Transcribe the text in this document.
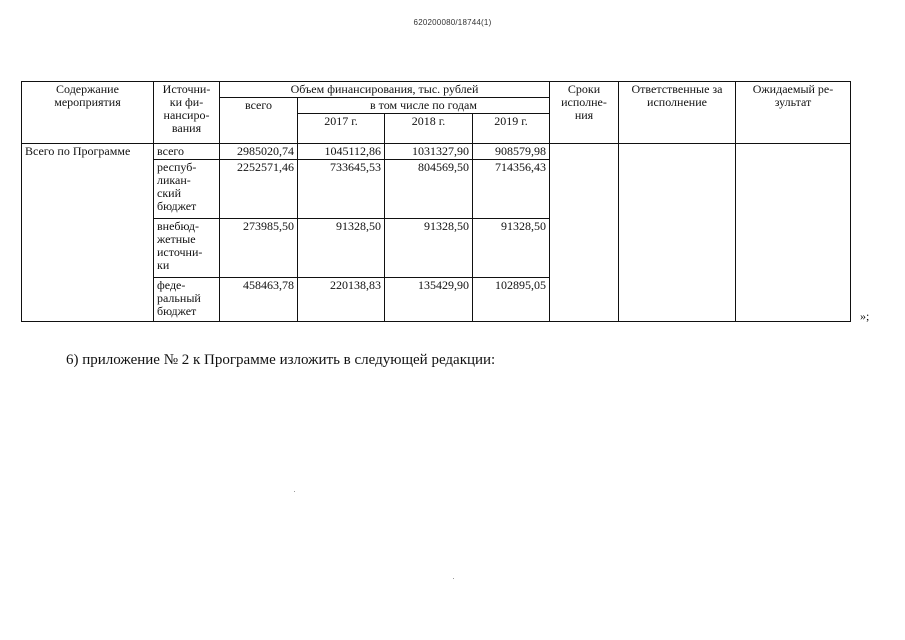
620200080/18744(1)
Содержание
мероприятия	Источни-
ки фи-
нансиро-
вания	Объем финансирования, тыс. рублей				Сроки
исполне-
ния	Ответственные за
исполнение	Ожидаемый ре-
зультат
		всего	в том числе по годам					
			2017 г.	2018 г.	2019 г.			
Всего по Программе	всего	2985020,74	1045112,86	1031327,90	908579,98			
	респуб-
ликан-
ский
бюджет	2252571,46	733645,53	804569,50	714356,43			
	внебюд-
жетные
источни-
ки	273985,50	91328,50	91328,50	91328,50			
	феде-
ральный
бюджет	458463,78	220138,83	135429,90	102895,05			
»;
6) приложение № 2 к Программе изложить в следующей редакции:
